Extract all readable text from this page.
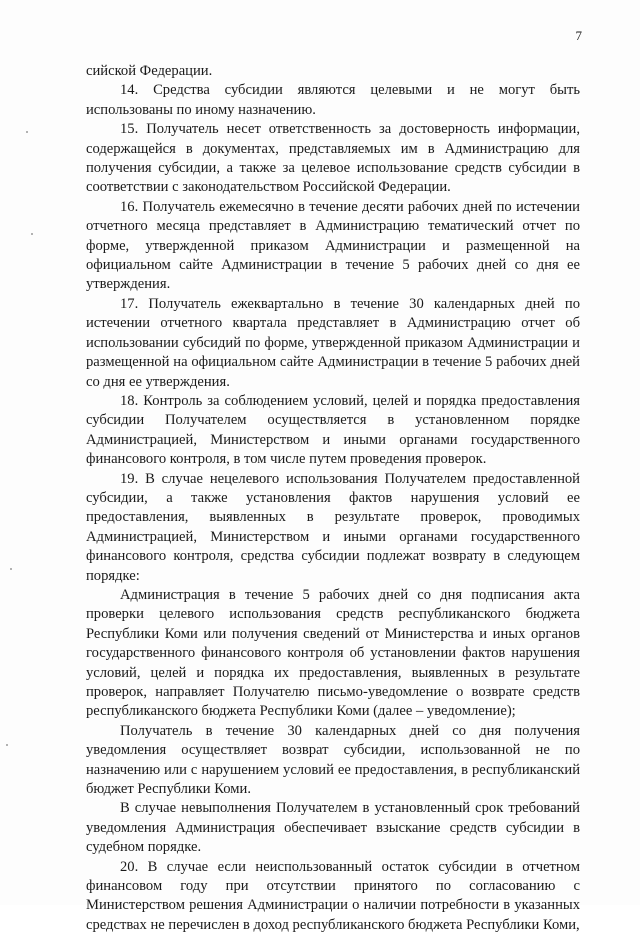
7

сийской Федерации.

14. Средства субсидии являются целевыми и не могут быть использованы по иному назначению.

15. Получатель несет ответственность за достоверность информации, содержащейся в документах, представляемых им в Администрацию для получения субсидии, а также за целевое использование средств субсидии в соответствии с законодательством Российской Федерации.

16. Получатель ежемесячно в течение десяти рабочих дней по истечении отчетного месяца представляет в Администрацию тематический отчет по форме, утвержденной приказом Администрации и размещенной на официальном сайте Администрации в течение 5 рабочих дней со дня ее утверждения.

17. Получатель ежеквартально в течение 30 календарных дней по истечении отчетного квартала представляет в Администрацию отчет об использовании субсидий по форме, утвержденной приказом Администрации и размещенной на официальном сайте Администрации в течение 5 рабочих дней со дня ее утверждения.

18. Контроль за соблюдением условий, целей и порядка предоставления субсидии Получателем осуществляется в установленном порядке Администрацией, Министерством и иными органами государственного финансового контроля, в том числе путем проведения проверок.

19. В случае нецелевого использования Получателем предоставленной субсидии, а также установления фактов нарушения условий ее предоставления, выявленных в результате проверок, проводимых Администрацией, Министерством и иными органами государственного финансового контроля, средства субсидии подлежат возврату в следующем порядке:

Администрация в течение 5 рабочих дней со дня подписания акта проверки целевого использования средств республиканского бюджета Республики Коми или получения сведений от Министерства и иных органов государственного финансового контроля об установлении фактов нарушения условий, целей и порядка их предоставления, выявленных в результате проверок, направляет Получателю письмо-уведомление о возврате средств республиканского бюджета Республики Коми (далее – уведомление);

Получатель в течение 30 календарных дней со дня получения уведомления осуществляет возврат субсидии, использованной не по назначению или с нарушением условий ее предоставления, в республиканский бюджет Республики Коми.

В случае невыполнения Получателем в установленный срок требований уведомления Администрация обеспечивает взыскание средств субсидии в судебном порядке.

20. В случае если неиспользованный остаток субсидии в отчетном финансовом году при отсутствии принятого по согласованию с Министерством решения Администрации о наличии потребности в указанных средствах не перечислен в доход республиканского бюджета Республики Коми,
